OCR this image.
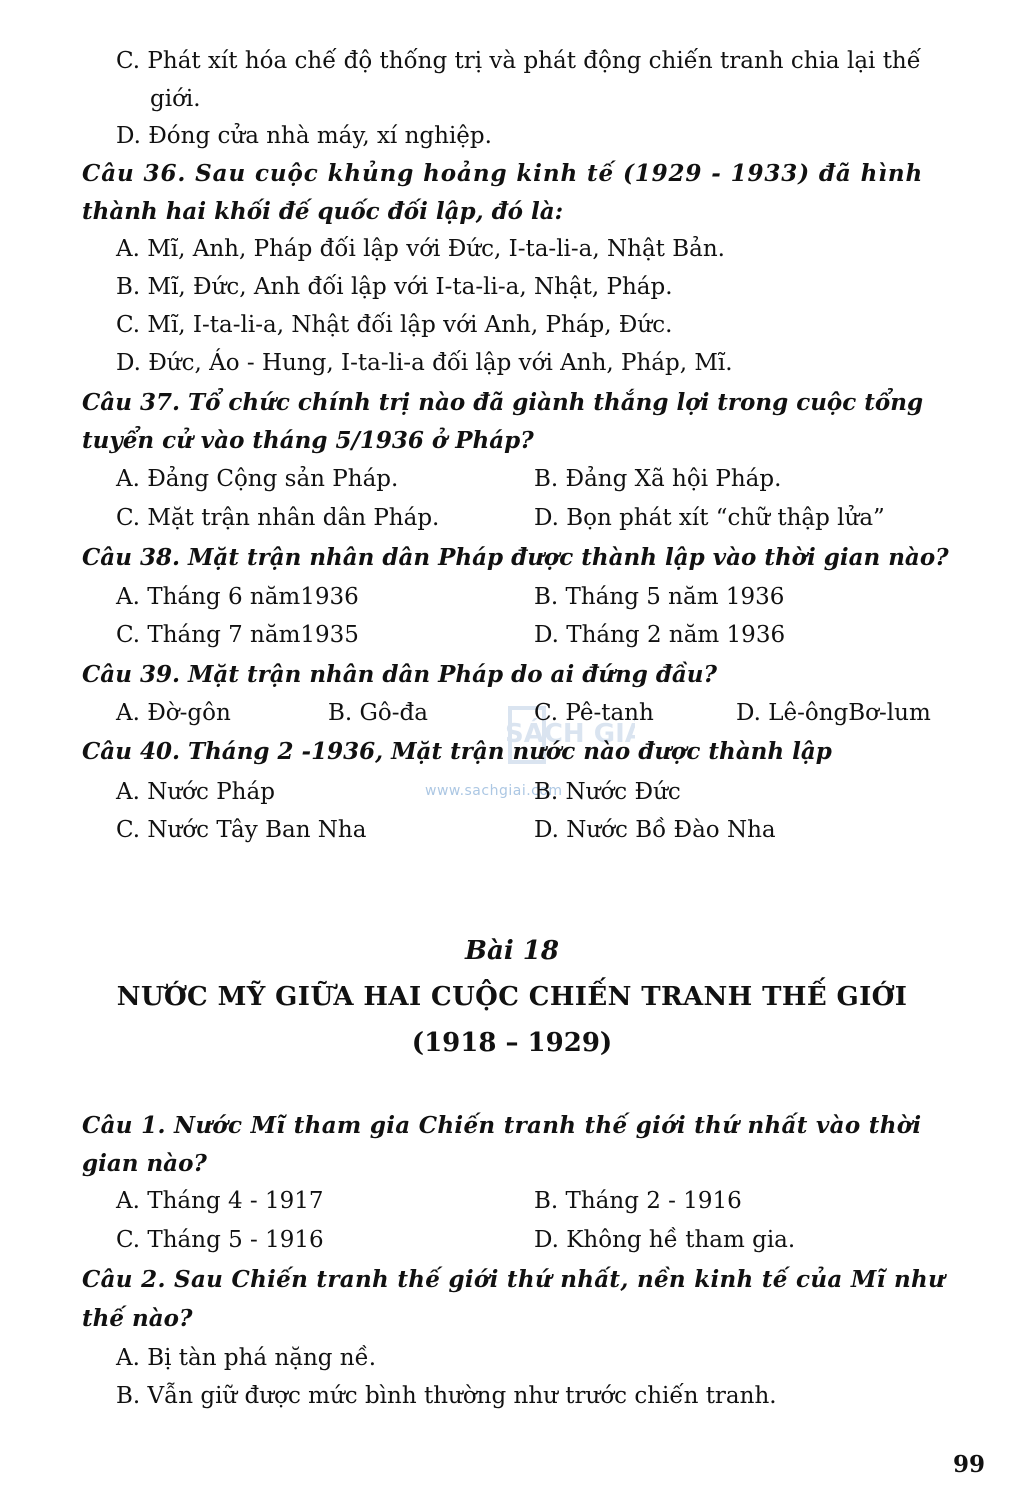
SÁCH GIẢ
www.sachgiai.com
C. Phát xít hóa chế độ thống trị và phát động chiến tranh chia lại thế
giới.
D. Đóng cửa nhà máy, xí nghiệp.
Câu 36. Sau cuộc khủng hoảng kinh tế (1929 - 1933) đã hình
thành hai khối đế quốc đối lập, đó là:
A. Mĩ, Anh, Pháp đối lập với Đức, I-ta-li-a, Nhật Bản.
B. Mĩ, Đức, Anh đối lập với I-ta-li-a, Nhật, Pháp.
C. Mĩ, I-ta-li-a, Nhật đối lập với Anh, Pháp, Đức.
D. Đức, Áo - Hung, I-ta-li-a đối lập với Anh, Pháp, Mĩ.
Câu 37. Tổ chức chính trị nào đã giành thắng lợi trong cuộc tổng
tuyển cử vào tháng 5/1936 ở Pháp?
A. Đảng Cộng sản Pháp.	B. Đảng Xã hội Pháp.
C. Mặt trận nhân dân Pháp.	D. Bọn phát xít “chữ thập lửa”
Câu 38. Mặt trận nhân dân Pháp được thành lập vào thời gian nào?
A. Tháng 6 năm1936	B. Tháng 5 năm 1936
C. Tháng 7 năm1935	D. Tháng 2 năm 1936
Câu 39. Mặt trận nhân dân Pháp do ai đứng đầu?
A. Đờ-gôn	B. Gô-đa	C. Pê-tanh	D. Lê-ôngBơ-lum
Câu 40. Tháng 2 -1936, Mặt trận nước nào được thành lập
A. Nước Pháp	B. Nước Đức
C. Nước Tây Ban Nha	D. Nước Bồ Đào Nha
Bài 18
NƯỚC MỸ GIỮA HAI CUỘC CHIẾN TRANH THẾ GIỚI
(1918 – 1929)
Câu 1. Nước Mĩ tham gia Chiến tranh thế giới thứ nhất vào thời
gian nào?
A. Tháng 4 - 1917	B. Tháng 2 - 1916
C. Tháng 5 - 1916	D. Không hề tham gia.
Câu 2. Sau Chiến tranh thế giới thứ nhất, nền kinh tế của Mĩ như
thế nào?
A. Bị tàn phá nặng nề.
B. Vẫn giữ được mức bình thường như trước chiến tranh.
99
